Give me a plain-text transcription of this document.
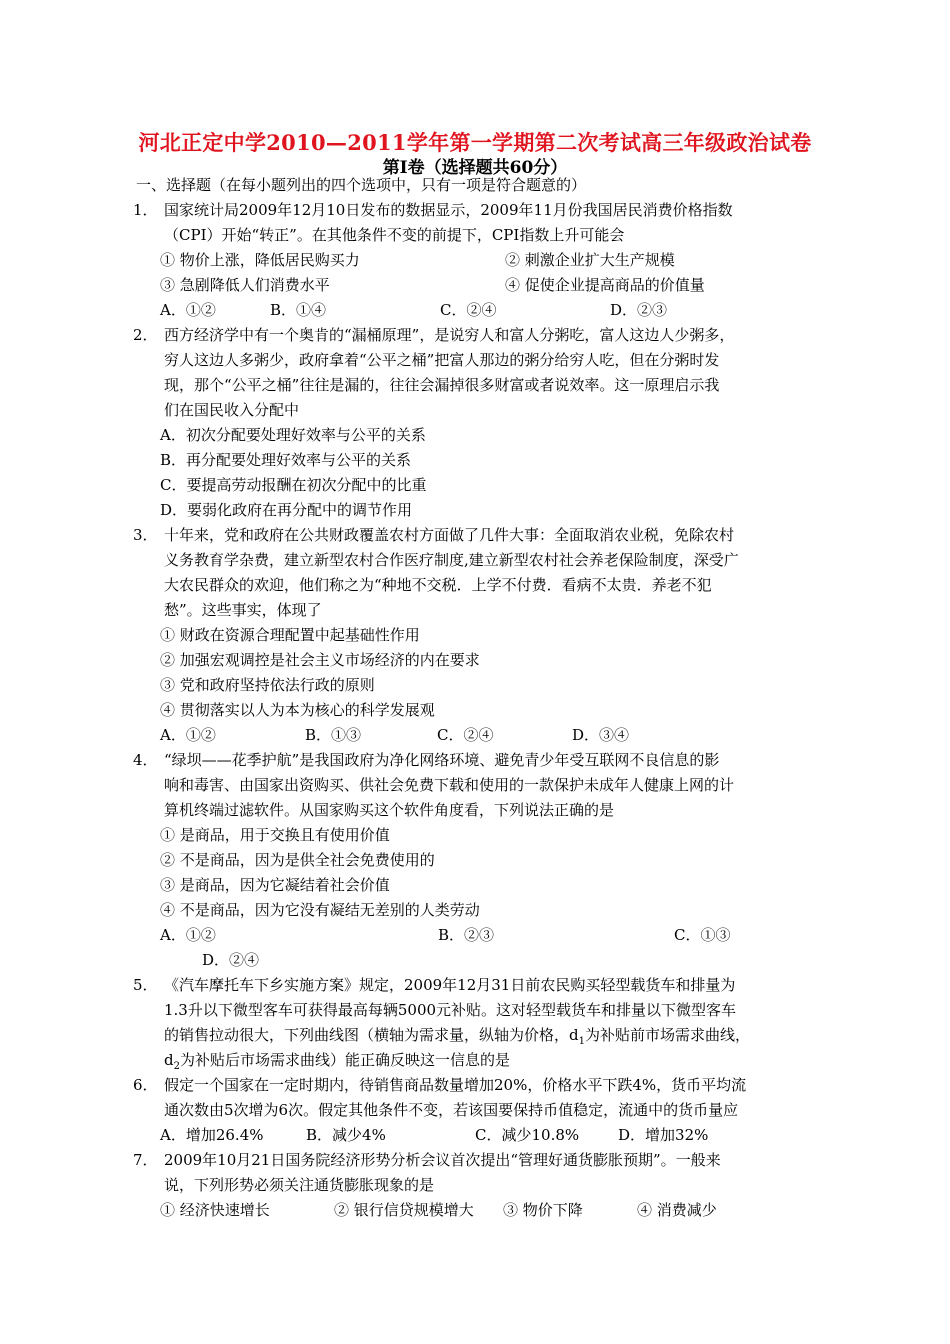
河北正定中学2010—2011学年第一学期第二次考试高三年级政治试卷
第Ⅰ卷（选择题共60分）
一、选择题（在每小题列出的四个选项中，只有一项是符合题意的）
1． 国家统计局2009年12月10日发布的数据显示，2009年11月份我国居民消费价格指数
（CPI）开始“转正”。在其他条件不变的前提下，CPI指数上升可能会
① 物价上涨，降低居民购买力	② 刺激企业扩大生产规模
③ 急剧降低人们消费水平	④ 促使企业提高商品的价值量
A．①②	B．①④	C．②④	D．②③
2． 西方经济学中有一个奥肯的“漏桶原理”，是说穷人和富人分粥吃，富人这边人少粥多，
穷人这边人多粥少，政府拿着“公平之桶”把富人那边的粥分给穷人吃，但在分粥时发
现，那个“公平之桶”往往是漏的，往往会漏掉很多财富或者说效率。这一原理启示我
们在国民收入分配中
A．初次分配要处理好效率与公平的关系
B．再分配要处理好效率与公平的关系
C．要提高劳动报酬在初次分配中的比重
D．要弱化政府在再分配中的调节作用
3． 十年来，党和政府在公共财政覆盖农村方面做了几件大事：全面取消农业税，免除农村
义务教育学杂费，建立新型农村合作医疗制度,建立新型农村社会养老保险制度，深受广
大农民群众的欢迎，他们称之为“种地不交税．上学不付费．看病不太贵．养老不犯
愁”。这些事实，体现了
① 财政在资源合理配置中起基础性作用
② 加强宏观调控是社会主义市场经济的内在要求
③ 党和政府坚持依法行政的原则
④ 贯彻落实以人为本为核心的科学发展观
A．①②	B．①③	C．②④	D．③④
4． “绿坝——花季护航”是我国政府为净化网络环境、避免青少年受互联网不良信息的影
响和毒害、由国家出资购买、供社会免费下载和使用的一款保护未成年人健康上网的计
算机终端过滤软件。从国家购买这个软件角度看，下列说法正确的是
① 是商品，用于交换且有使用价值
② 不是商品，因为是供全社会免费使用的
③ 是商品，因为它凝结着社会价值
④ 不是商品，因为它没有凝结无差别的人类劳动
A．①②	B．②③	C．①③
D．②④
5． 《汽车摩托车下乡实施方案》规定，2009年12月31日前农民购买轻型载货车和排量为
1.3升以下微型客车可获得最高每辆5000元补贴。这对轻型载货车和排量以下微型客车
的销售拉动很大，下列曲线图（横轴为需求量，纵轴为价格，$d_1$为补贴前市场需求曲线，
$d_2$为补贴后市场需求曲线）能正确反映这一信息的是
6． 假定一个国家在一定时期内，待销售商品数量增加20%，价格水平下跌4%，货币平均流
通次数由5次增为6次。假定其他条件不变，若该国要保持币值稳定，流通中的货币量应
A．增加26.4%	B．减少4%	C．减少10.8%	D．增加32%
7． 2009年10月21日国务院经济形势分析会议首次提出“管理好通货膨胀预期”。一般来
说，下列形势必须关注通货膨胀现象的是
① 经济快速增长	② 银行信贷规模增大 ③ 物价下降	④ 消费减少
